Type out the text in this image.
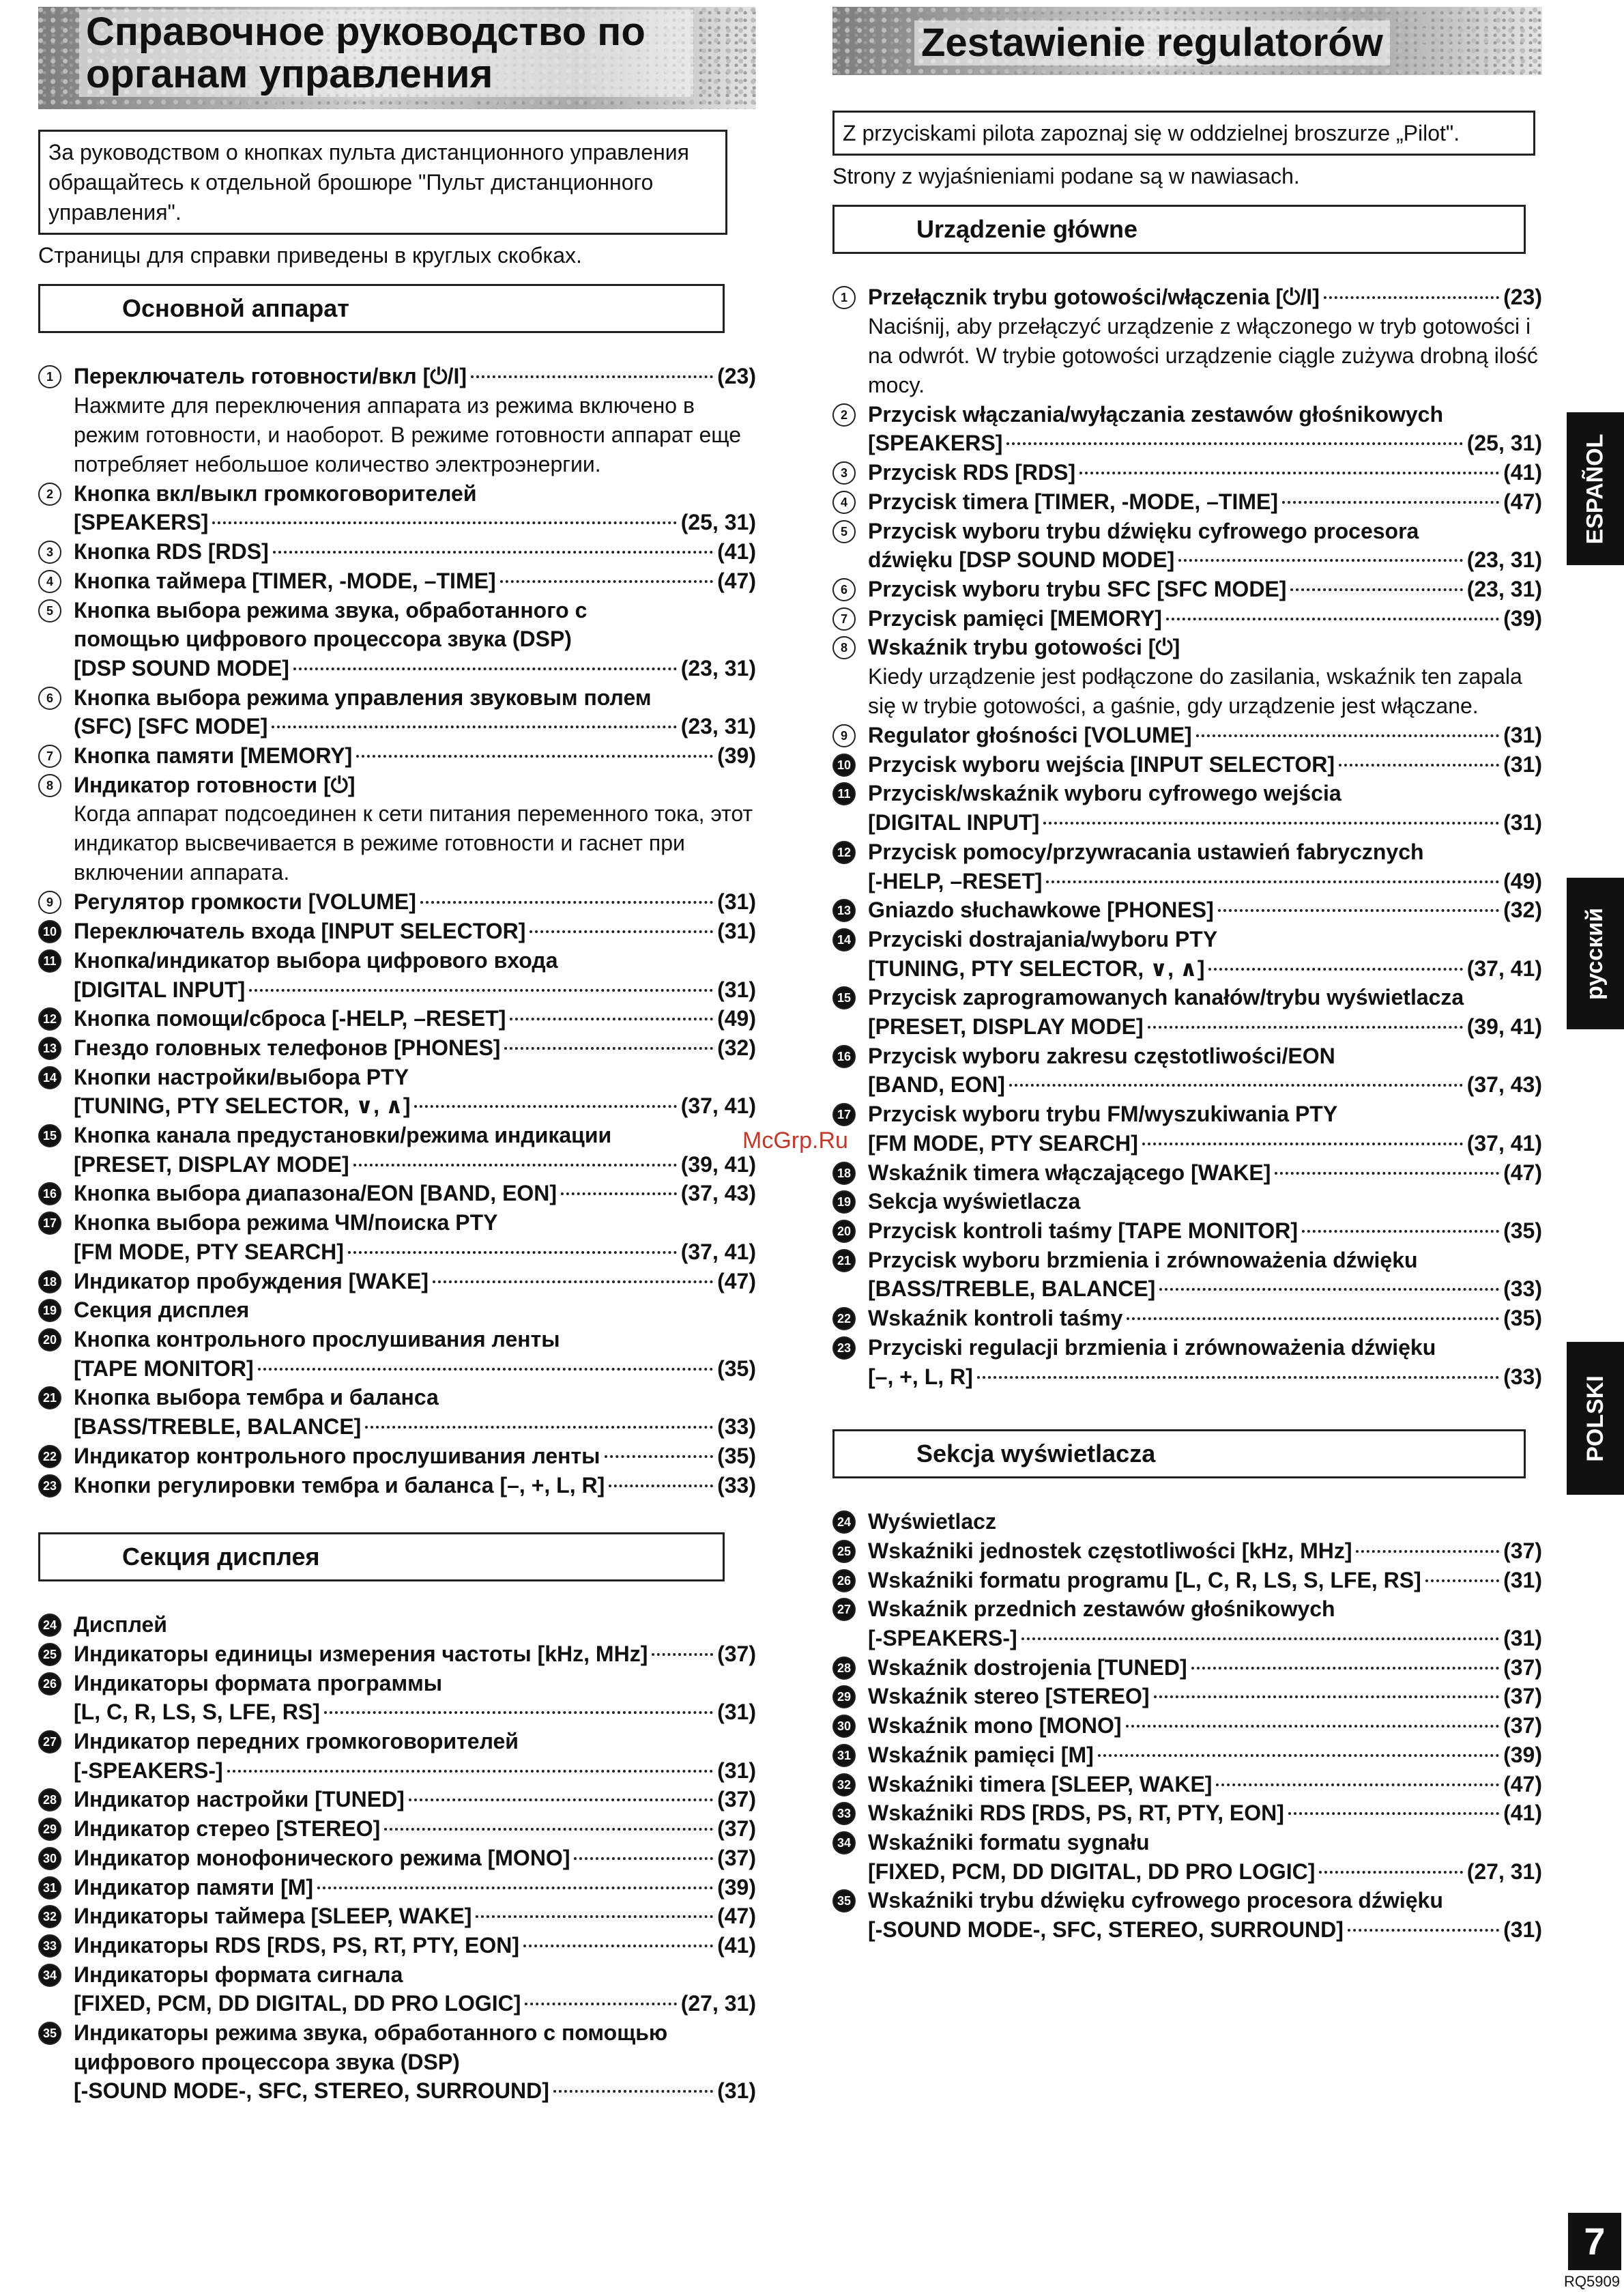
Справочное руководство по органам управления
За руководством о кнопках пульта дистанционного управления обращайтесь к отдельной брошюре "Пульт дистанционного управления".
Страницы для справки приведены в круглых скобках.
Основной аппарат
1 Переключатель готовности/вкл [⏻/I]	(23)
Нажмите для переключения аппарата из режима включено в режим готовности, и наоборот. В режиме готовности аппарат еще потребляет небольшое количество электроэнергии.
2 Кнопка вкл/выкл громкоговорителей
[SPEAKERS]	(25, 31)
3 Кнопка RDS [RDS]	(41)
4 Кнопка таймера [TIMER, -MODE, –TIME]	(47)
5 Кнопка выбора режима звука, обработанного с
помощью цифрового процессора звука (DSP)
[DSP SOUND MODE]	(23, 31)
6 Кнопка выбора режима управления звуковым полем
(SFC) [SFC MODE]	(23, 31)
7 Кнопка памяти [MEMORY]	(39)
8 Индикатор готовности [⏻]
Когда аппарат подсоединен к сети питания переменного тока, этот индикатор высвечивается в режиме готовности и гаснет при включении аппарата.
9 Регулятор громкости [VOLUME]	(31)
10 Переключатель входа [INPUT SELECTOR]	(31)
11 Кнопка/индикатор выбора цифрового входа
[DIGITAL INPUT]	(31)
12 Кнопка помощи/сброса [-HELP, –RESET]	(49)
13 Гнездо головных телефонов [PHONES]	(32)
14 Кнопки настройки/выбора PTY
[TUNING, PTY SELECTOR, ∨, ∧]	(37, 41)
15 Кнопка канала предустановки/режима индикации
[PRESET, DISPLAY MODE]	(39, 41)
16 Кнопка выбора диапазона/EON [BAND, EON]	(37, 43)
17 Кнопка выбора режима ЧМ/поиска PTY
[FM MODE, PTY SEARCH]	(37, 41)
18 Индикатор пробуждения [WAKE]	(47)
19 Секция дисплея
20 Кнопка контрольного прослушивания ленты
[TAPE MONITOR]	(35)
21 Кнопка выбора тембра и баланса
[BASS/TREBLE, BALANCE]	(33)
22 Индикатор контрольного прослушивания ленты	(35)
23 Кнопки регулировки тембра и баланса [–, +, L, R]	(33)
Секция дисплея
24 Дисплей
25 Индикаторы единицы измерения частоты [kHz, MHz]	(37)
26 Индикаторы формата программы
[L, C, R, LS, S, LFE, RS]	(31)
27 Индикатор передних громкоговорителей
[-SPEAKERS-]	(31)
28 Индикатор настройки [TUNED]	(37)
29 Индикатор стерео [STEREO]	(37)
30 Индикатор монофонического режима [MONO]	(37)
31 Индикатор памяти [M]	(39)
32 Индикаторы таймера [SLEEP, WAKE]	(47)
33 Индикаторы RDS [RDS, PS, RT, PTY, EON]	(41)
34 Индикаторы формата сигнала
[FIXED, PCM, DD DIGITAL, DD PRO LOGIC]	(27, 31)
35 Индикаторы режима звука, обработанного с помощью
цифрового процессора звука (DSP)
[-SOUND MODE-, SFC, STEREO, SURROUND]	(31)
Zestawienie regulatorów
Z przyciskami pilota zapoznaj się w oddzielnej broszurze „Pilot".
Strony z wyjaśnieniami podane są w nawiasach.
Urządzenie główne
1 Przełącznik trybu gotowości/włączenia [⏻/I]	(23)
Naciśnij, aby przełączyć urządzenie z włączonego w tryb gotowości i na odwrót. W trybie gotowości urządzenie ciągle zużywa drobną ilość mocy.
2 Przycisk włączania/wyłączania zestawów głośnikowych
[SPEAKERS]	(25, 31)
3 Przycisk RDS [RDS]	(41)
4 Przycisk timera [TIMER, -MODE, –TIME]	(47)
5 Przycisk wyboru trybu dźwięku cyfrowego procesora
dźwięku [DSP SOUND MODE]	(23, 31)
6 Przycisk wyboru trybu SFC [SFC MODE]	(23, 31)
7 Przycisk pamięci [MEMORY]	(39)
8 Wskaźnik trybu gotowości [⏻]
Kiedy urządzenie jest podłączone do zasilania, wskaźnik ten zapala się w trybie gotowości, a gaśnie, gdy urządzenie jest włączane.
9 Regulator głośności [VOLUME]	(31)
10 Przycisk wyboru wejścia [INPUT SELECTOR]	(31)
11 Przycisk/wskaźnik wyboru cyfrowego wejścia
[DIGITAL INPUT]	(31)
12 Przycisk pomocy/przywracania ustawień fabrycznych
[-HELP, –RESET]	(49)
13 Gniazdo słuchawkowe [PHONES]	(32)
14 Przyciski dostrajania/wyboru PTY
[TUNING, PTY SELECTOR, ∨, ∧]	(37, 41)
15 Przycisk zaprogramowanych kanałów/trybu wyświetlacza
[PRESET, DISPLAY MODE]	(39, 41)
16 Przycisk wyboru zakresu częstotliwości/EON
[BAND, EON]	(37, 43)
17 Przycisk wyboru trybu FM/wyszukiwania PTY
[FM MODE, PTY SEARCH]	(37, 41)
18 Wskaźnik timera włączającego [WAKE]	(47)
19 Sekcja wyświetlacza
20 Przycisk kontroli taśmy [TAPE MONITOR]	(35)
21 Przycisk wyboru brzmienia i zrównoważenia dźwięku
[BASS/TREBLE, BALANCE]	(33)
22 Wskaźnik kontroli taśmy	(35)
23 Przyciski regulacji brzmienia i zrównoważenia dźwięku
[–, +, L, R]	(33)
Sekcja wyświetlacza
24 Wyświetlacz
25 Wskaźniki jednostek częstotliwości [kHz, MHz]	(37)
26 Wskaźniki formatu programu [L, C, R, LS, S, LFE, RS]	(31)
27 Wskaźnik przednich zestawów głośnikowych
[-SPEAKERS-]	(31)
28 Wskaźnik dostrojenia [TUNED]	(37)
29 Wskaźnik stereo [STEREO]	(37)
30 Wskaźnik mono [MONO]	(37)
31 Wskaźnik pamięci [M]	(39)
32 Wskaźniki timera [SLEEP, WAKE]	(47)
33 Wskaźniki RDS [RDS, PS, RT, PTY, EON]	(41)
34 Wskaźniki formatu sygnału
[FIXED, PCM, DD DIGITAL, DD PRO LOGIC]	(27, 31)
35 Wskaźniki trybu dźwięku cyfrowego procesora dźwięku
[-SOUND MODE-, SFC, STEREO, SURROUND]	(31)
ESPAÑOL
русский
POLSKI
McGrp.Ru
7
RQ5909
